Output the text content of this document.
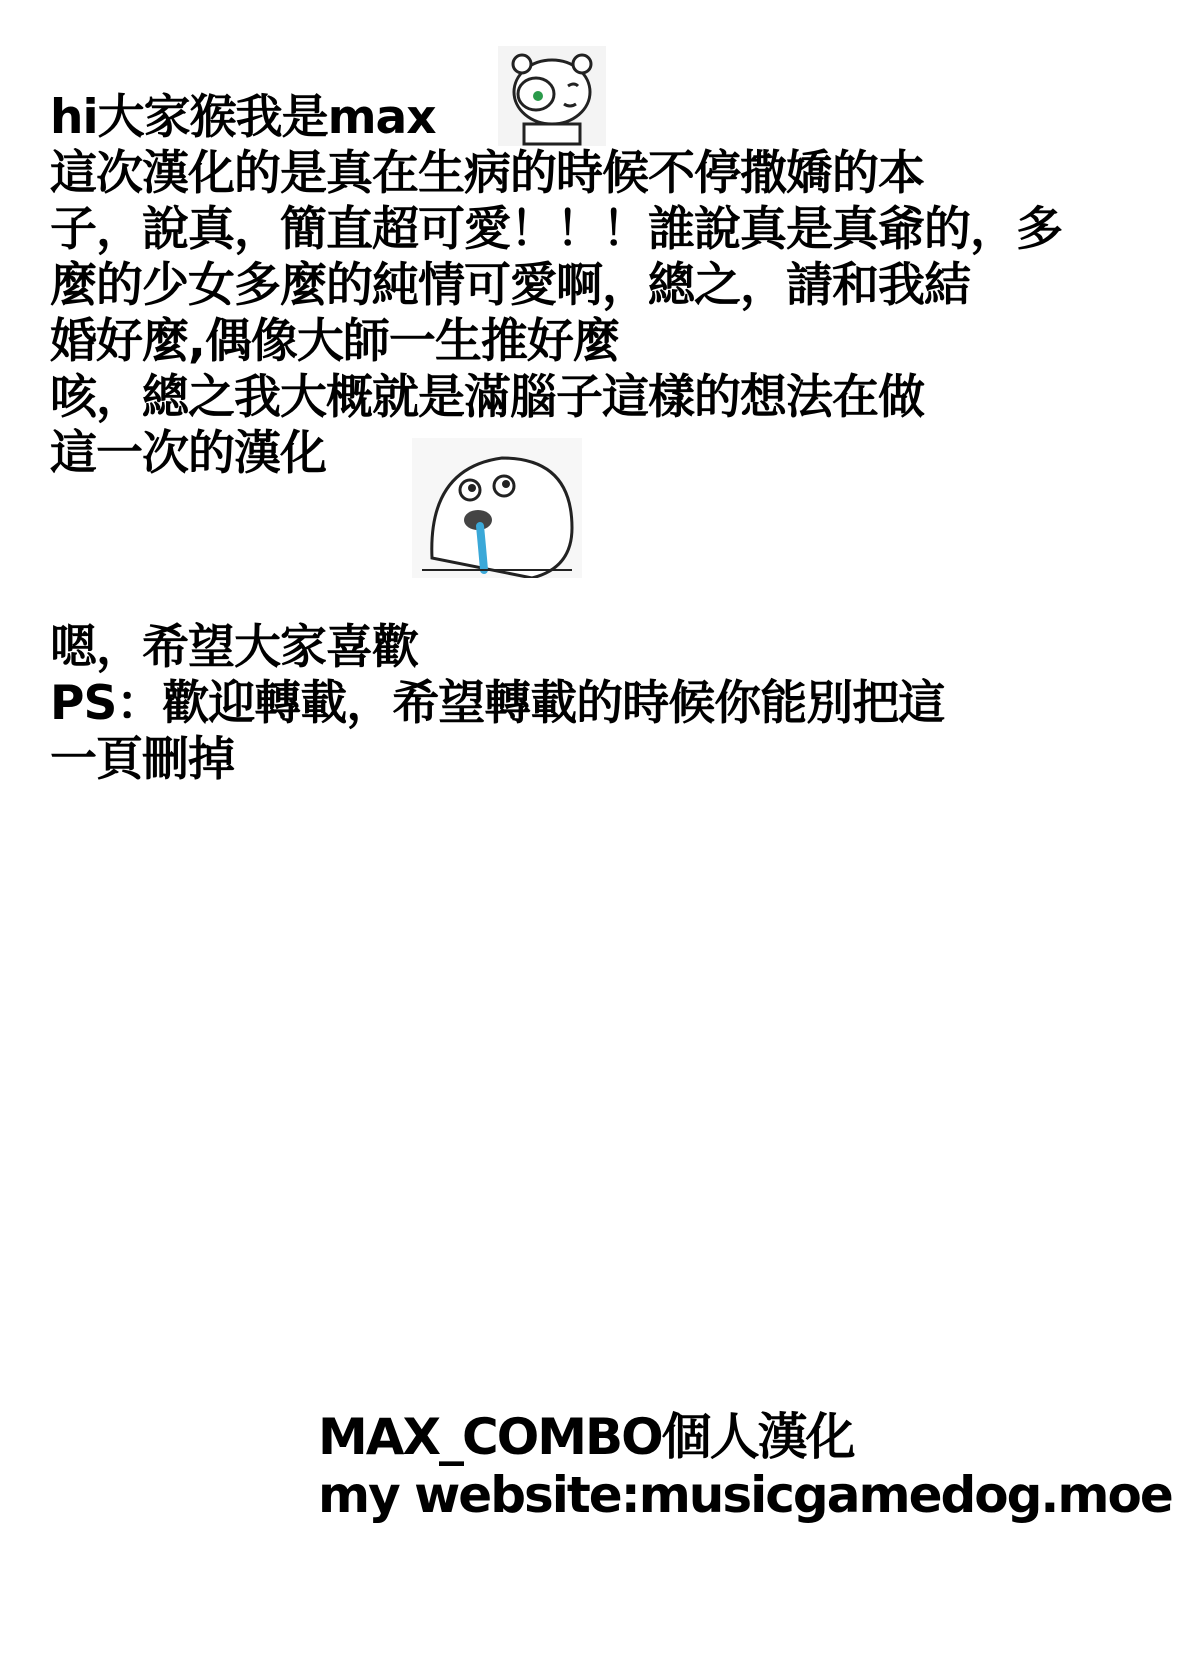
hi大家猴我是max
這次漢化的是真在生病的時候不停撒嬌的本
子，說真，簡直超可愛！！！誰說真是真爺的，多
麼的少女多麼的純情可愛啊，總之，請和我結
婚好麼,偶像大師一生推好麼
咳，總之我大概就是滿腦子這樣的想法在做
這一次的漢化
嗯，希望大家喜歡
PS：歡迎轉載，希望轉載的時候你能別把這
一頁刪掉
MAX_COMBO個人漢化
my website:musicgamedog.moe
